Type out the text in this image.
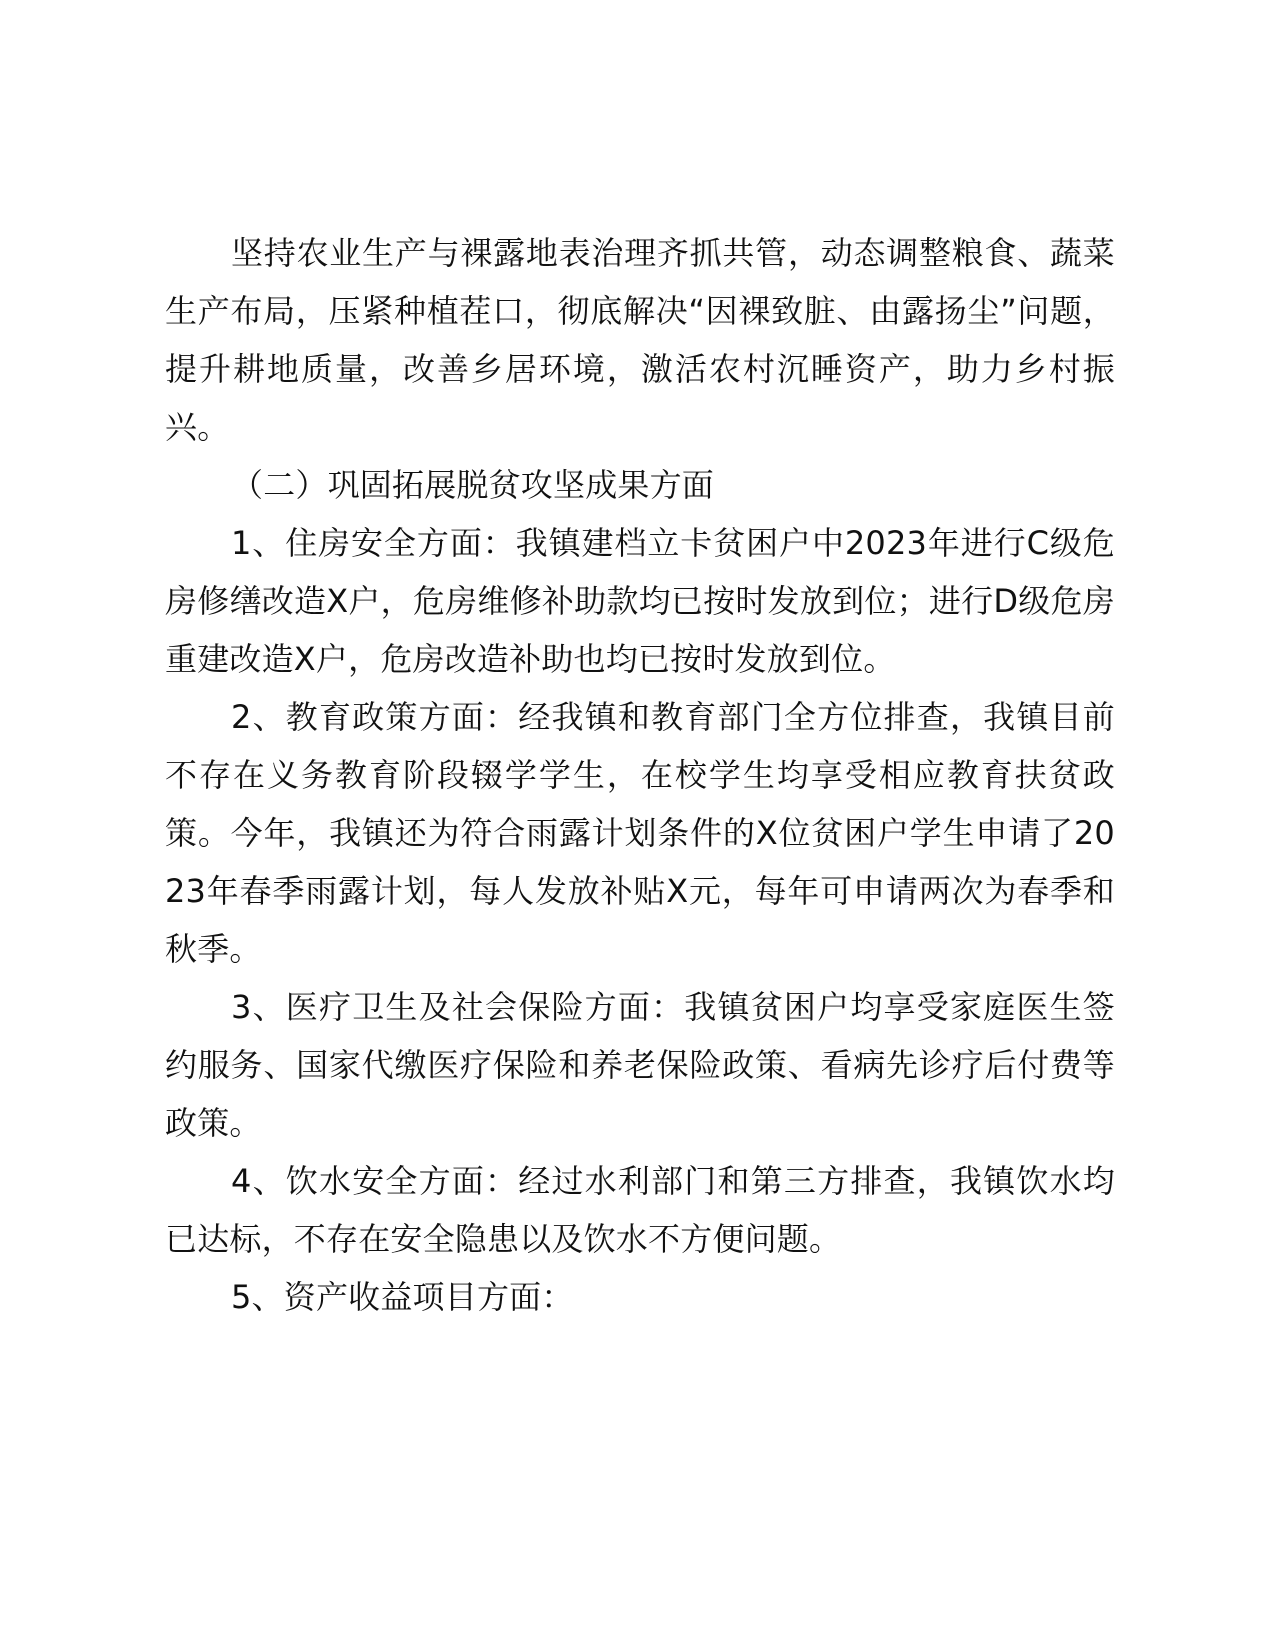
坚持农业生产与裸露地表治理齐抓共管，动态调整粮食、蔬菜生产布局，压紧种植茬口，彻底解决“因裸致脏、由露扬尘”问题，提升耕地质量，改善乡居环境，激活农村沉睡资产，助力乡村振兴。

（二）巩固拓展脱贫攻坚成果方面

1、住房安全方面：我镇建档立卡贫困户中2023年进行C级危房修缮改造X户，危房维修补助款均已按时发放到位；进行D级危房重建改造X户，危房改造补助也均已按时发放到位。

2、教育政策方面：经我镇和教育部门全方位排查，我镇目前不存在义务教育阶段辍学学生，在校学生均享受相应教育扶贫政策。今年，我镇还为符合雨露计划条件的X位贫困户学生申请了2023年春季雨露计划，每人发放补贴X元，每年可申请两次为春季和秋季。

3、医疗卫生及社会保险方面：我镇贫困户均享受家庭医生签约服务、国家代缴医疗保险和养老保险政策、看病先诊疗后付费等政策。

4、饮水安全方面：经过水利部门和第三方排查，我镇饮水均已达标，不存在安全隐患以及饮水不方便问题。

5、资产收益项目方面：
